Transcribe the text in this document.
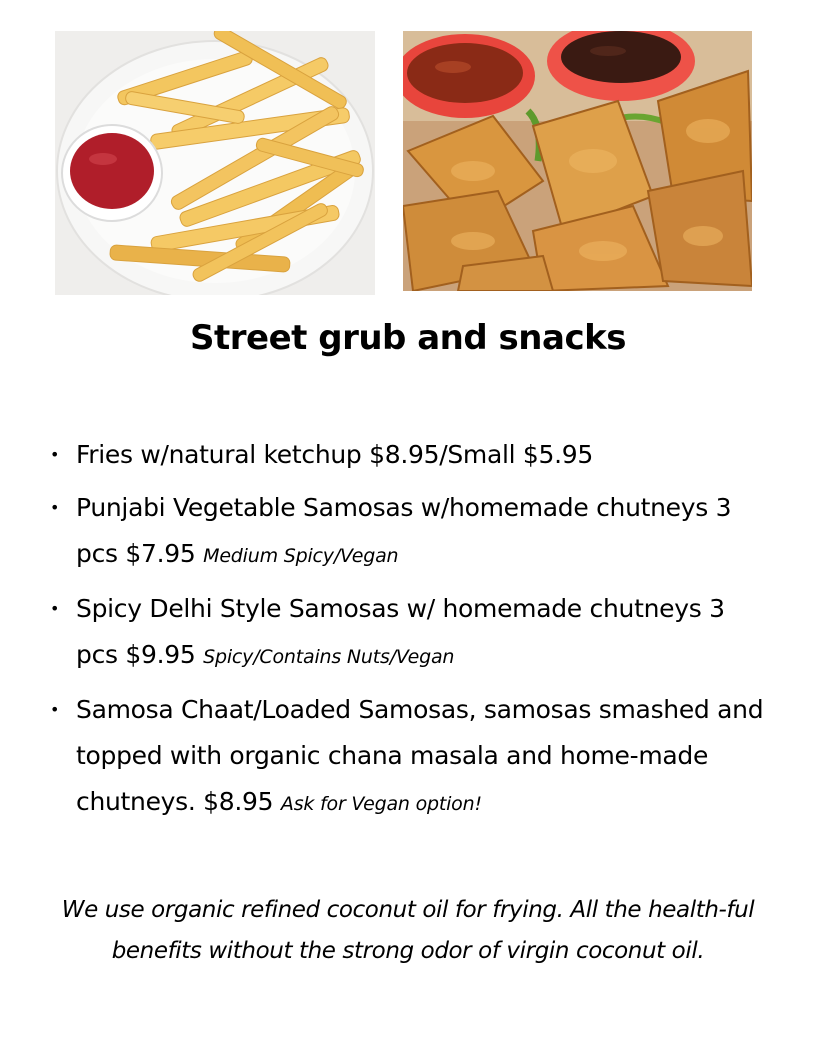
Street grub and snacks
• Fries w/natural ketchup $8.95/Small $5.95
• Punjabi Vegetable Samosas w/homemade chutneys 3 pcs $7.95 Medium Spicy/Vegan
• Spicy Delhi Style Samosas w/ homemade chutneys 3 pcs $9.95 Spicy/Contains Nuts/Vegan
• Samosa Chaat/Loaded Samosas, samosas smashed and topped with organic chana masala and home-made chutneys. $8.95 Ask for Vegan option!

We use organic refined coconut oil for frying. All the health-ful benefits without the strong odor of virgin coconut oil.
